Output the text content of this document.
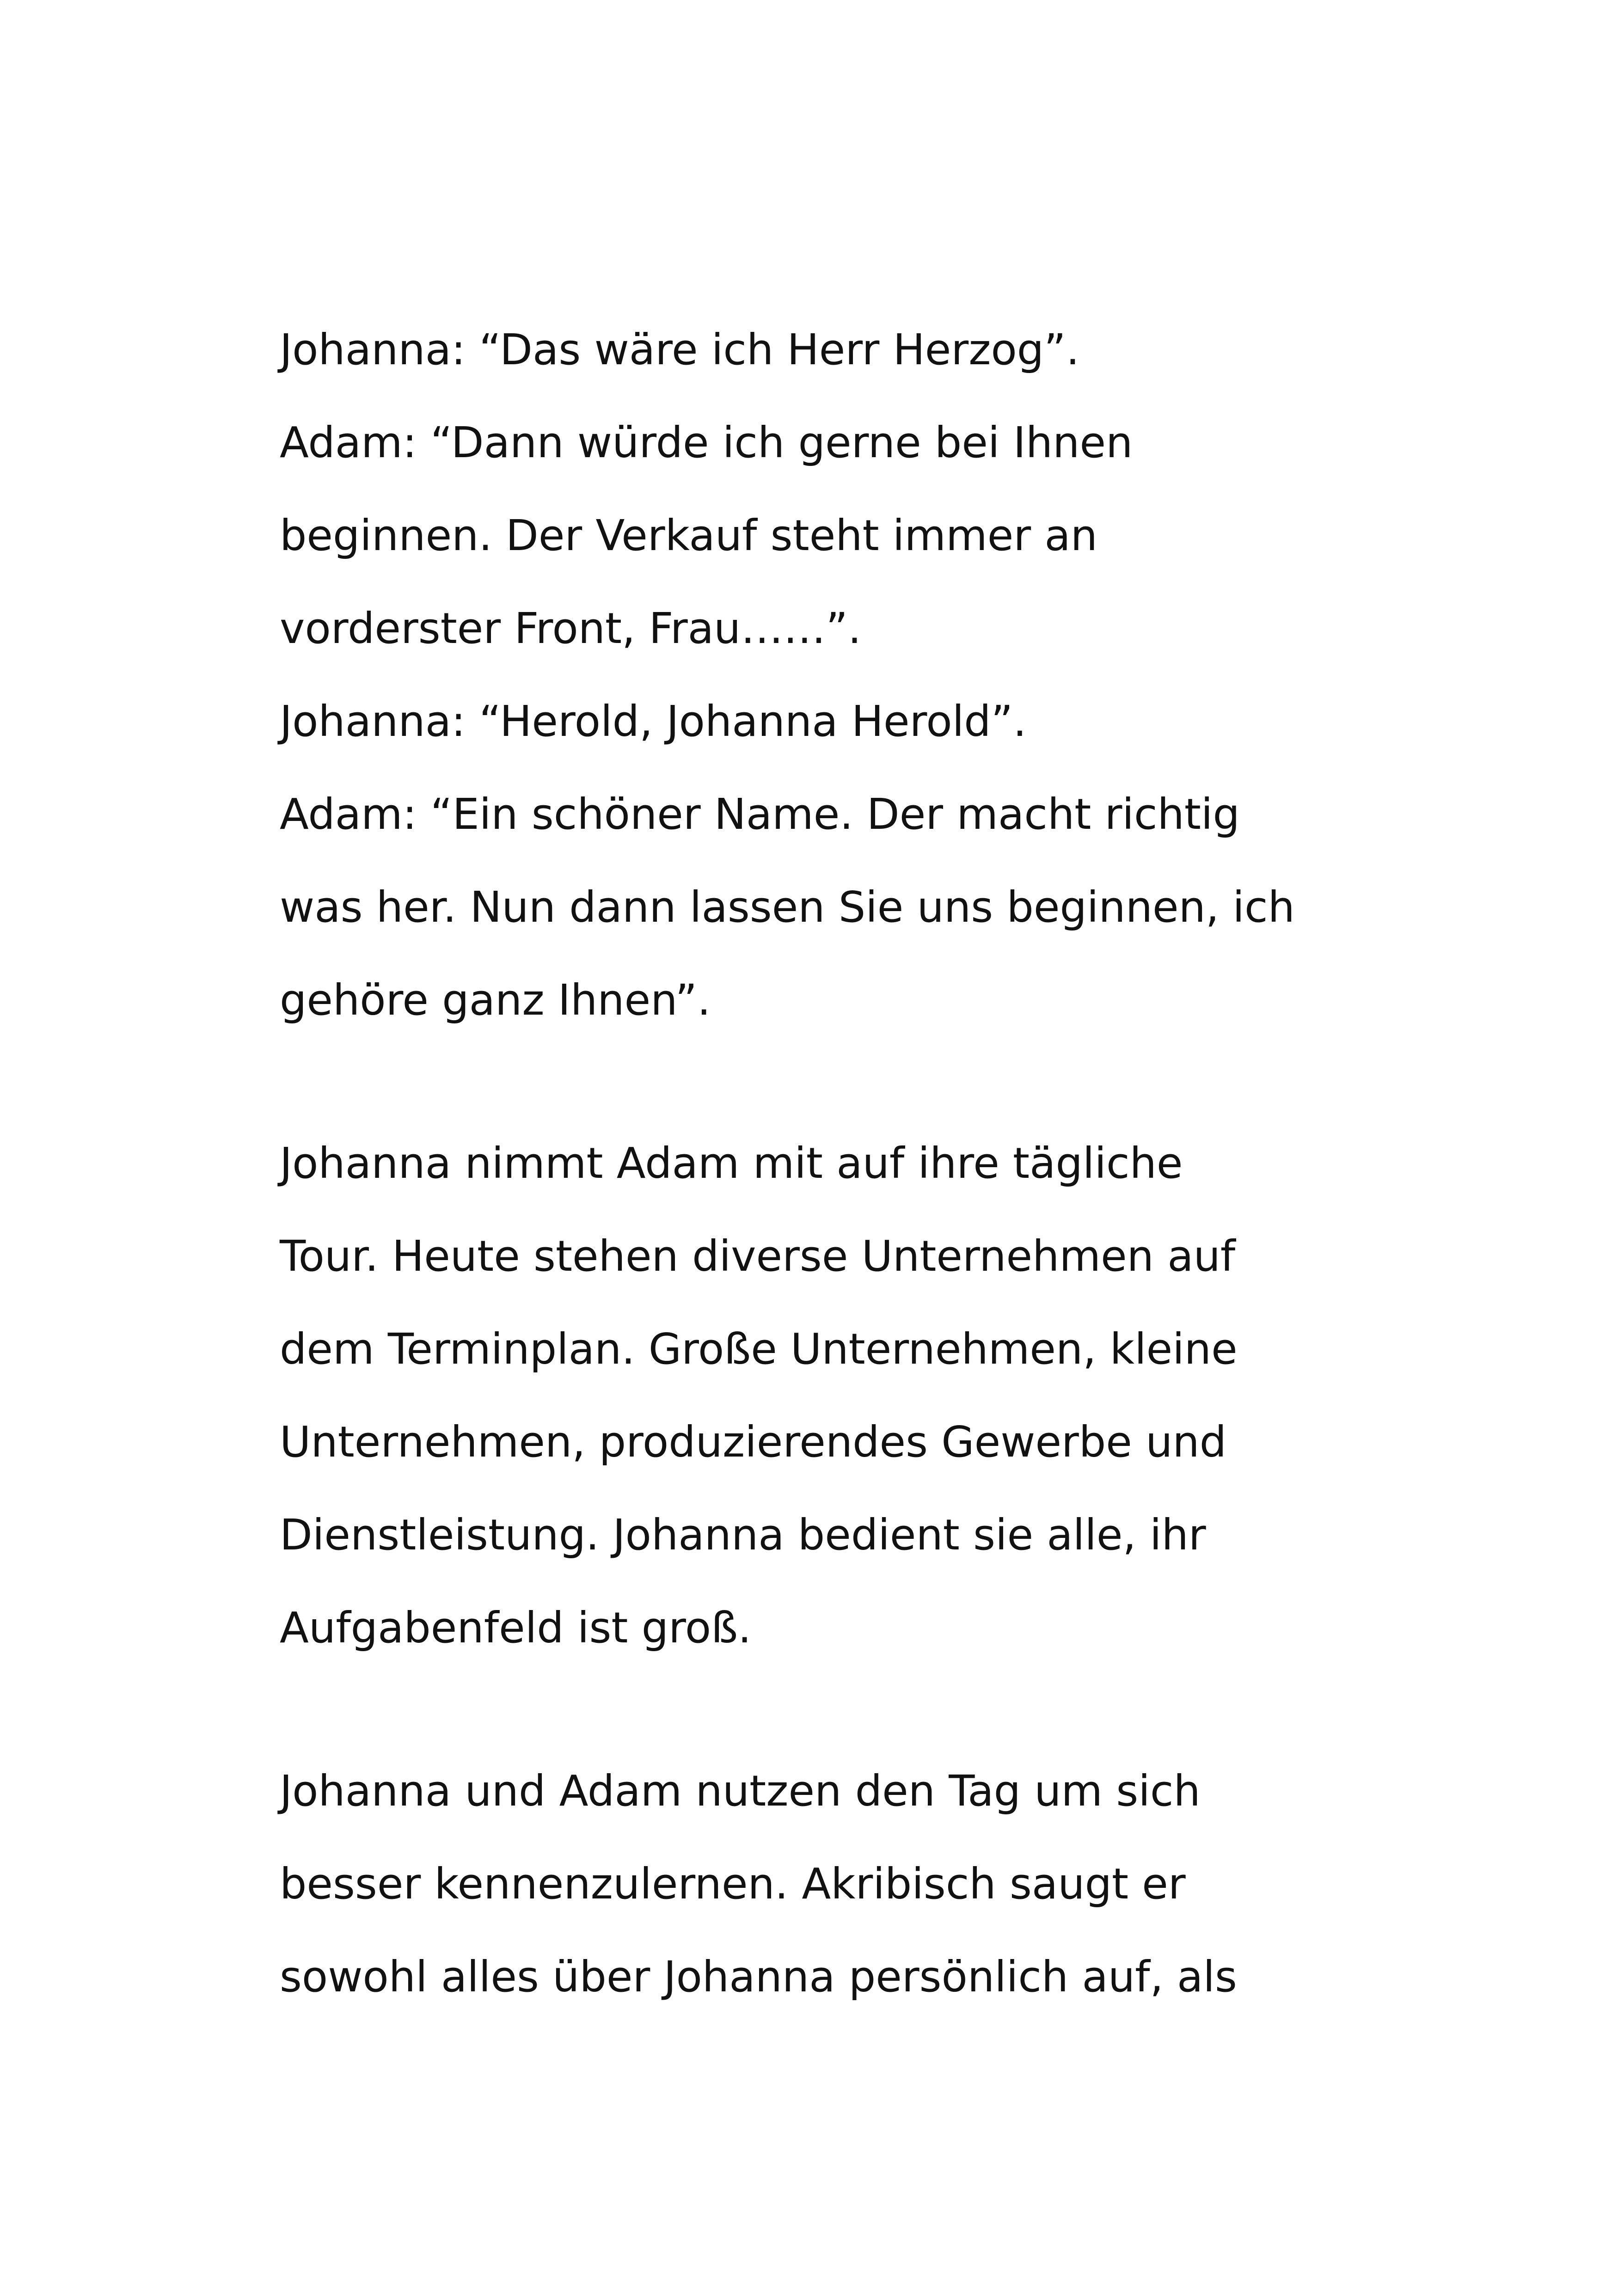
Johanna: “Das wäre ich Herr Herzog”.
Adam: “Dann würde ich gerne bei Ihnen
beginnen. Der Verkauf steht immer an
vorderster Front, Frau……”.
Johanna: “Herold, Johanna Herold”.
Adam: “Ein schöner Name. Der macht richtig
was her. Nun dann lassen Sie uns beginnen, ich
gehöre ganz Ihnen”.
Johanna nimmt Adam mit auf ihre tägliche
Tour. Heute stehen diverse Unternehmen auf
dem Terminplan. Große Unternehmen, kleine
Unternehmen, produzierendes Gewerbe und
Dienstleistung. Johanna bedient sie alle, ihr
Aufgabenfeld ist groß.
Johanna und Adam nutzen den Tag um sich
besser kennenzulernen. Akribisch saugt er
sowohl alles über Johanna persönlich auf, als
